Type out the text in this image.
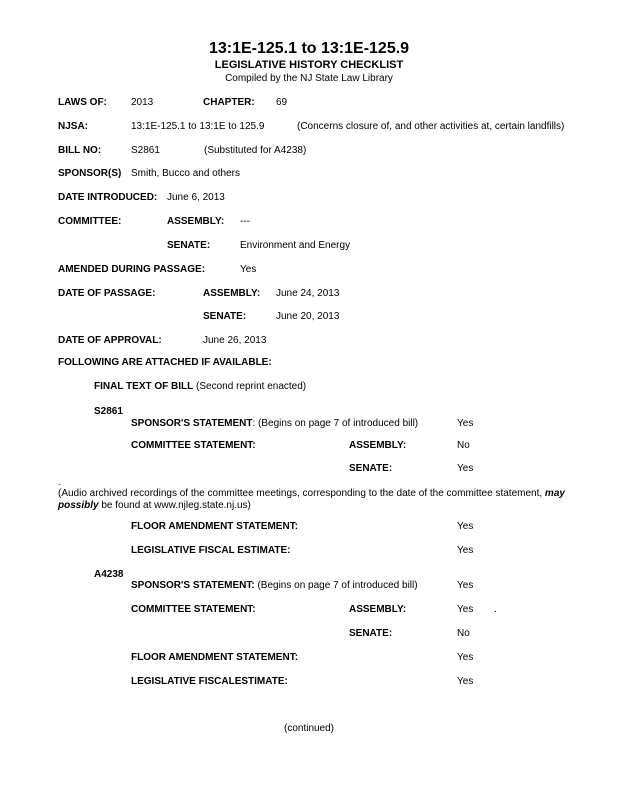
13:1E-125.1 to 13:1E-125.9
LEGISLATIVE HISTORY CHECKLIST
Compiled by the NJ State Law Library
LAWS OF: 2013	CHAPTER: 69
NJSA:	13:1E-125.1 to 13:1E to 125.9	(Concerns closure of, and other activities at, certain landfills)
BILL NO:	S2861	(Substituted for A4238)
SPONSOR(S) Smith, Bucco and others
DATE INTRODUCED: June 6, 2013
COMMITTEE:	ASSEMBLY: ---
SENATE:	Environment and Energy
AMENDED DURING PASSAGE:	Yes
DATE OF PASSAGE:	ASSEMBLY: June 24, 2013
SENATE:	June 20, 2013
DATE OF APPROVAL:	June 26, 2013
FOLLOWING ARE ATTACHED IF AVAILABLE:
FINAL TEXT OF BILL (Second reprint enacted)
S2861
SPONSOR'S STATEMENT: (Begins on page 7 of introduced bill)	Yes
COMMITTEE STATEMENT:	ASSEMBLY:	No
SENATE:	Yes
.
(Audio archived recordings of the committee meetings, corresponding to the date of the committee statement, may possibly be found at www.njleg.state.nj.us)
FLOOR AMENDMENT STATEMENT:	Yes
LEGISLATIVE FISCAL ESTIMATE:	Yes
A4238
SPONSOR'S STATEMENT: (Begins on page 7 of introduced bill)	Yes
COMMITTEE STATEMENT:	ASSEMBLY:	Yes .
SENATE:	No
FLOOR AMENDMENT STATEMENT:	Yes
LEGISLATIVE FISCALESTIMATE:	Yes
(continued)
